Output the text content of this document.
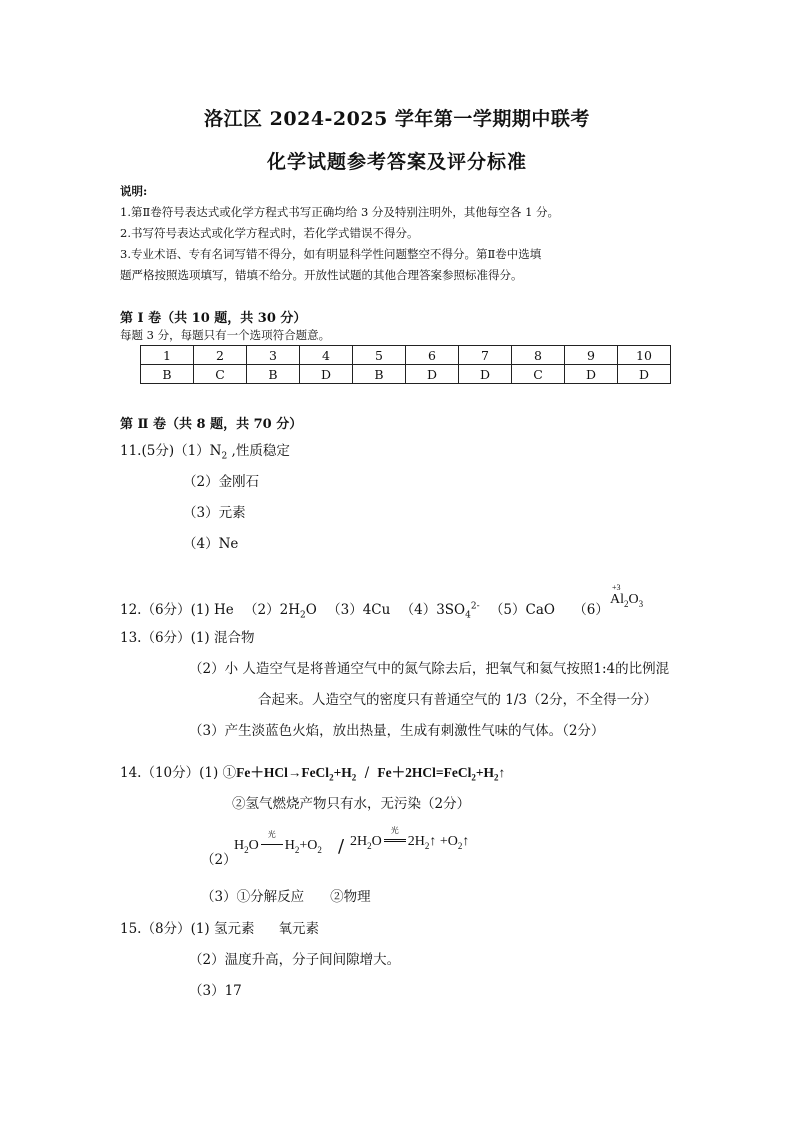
洛江区 2024-2025 学年第一学期期中联考
化学试题参考答案及评分标准
说明:
1.第Ⅱ卷符号表达式或化学方程式书写正确均给 3 分及特别注明外，其他每空各 1 分。
2.书写符号表达式或化学方程式时，若化学式错误不得分。
3.专业术语、专有名词写错不得分，如有明显科学性问题整空不得分。第Ⅱ卷中选填
题严格按照选项填写，错填不给分。开放性试题的其他合理答案参照标准得分。
第 Ⅰ 卷（共 10 题，共 30 分）
每题 3 分，每题只有一个选项符合题意。
1	2	3	4	5	6	7	8	9	10
B	C	B	D	B	D	D	C	D	D
第 Ⅱ 卷（共 8 题，共 70 分）
11.(5分)$(1)N_2$ ,性质稳定
（2）金刚石
（3）元素
（4）Ne
12.（6分）(1) He $(2)2H_2O$ （3）4Cu $(4)3SO_4^{2-}$ （5）CaO （6）
+3
$Al_2O_3$
13.（6分）(1) 混合物
（2）小 人造空气是将普通空气中的氮气除去后，把氧气和氦气按照1:4的比例混
合起来。人造空气的密度只有普通空气的 1/3（2分，不全得一分）
（3）产生淡蓝色火焰，放出热量，生成有刺激性气味的气体。（2分）
14.（10分）(1) $①Fe+HCl\to FeCl_2+H_2$ / $Fe+2HCl=FeCl_2+H_2↑$
②氢气燃烧产物只有水，无污染（2分）
（2）
$H_2O$
光
$H_2+O_2 / 2H_2O$
光
$2H_2↑$ $+O_2↑$
（3）①分解反应 ②物理
15.（8分）(1) 氢元素 氧元素
（2）温度升高，分子间间隙增大。
（3）17
